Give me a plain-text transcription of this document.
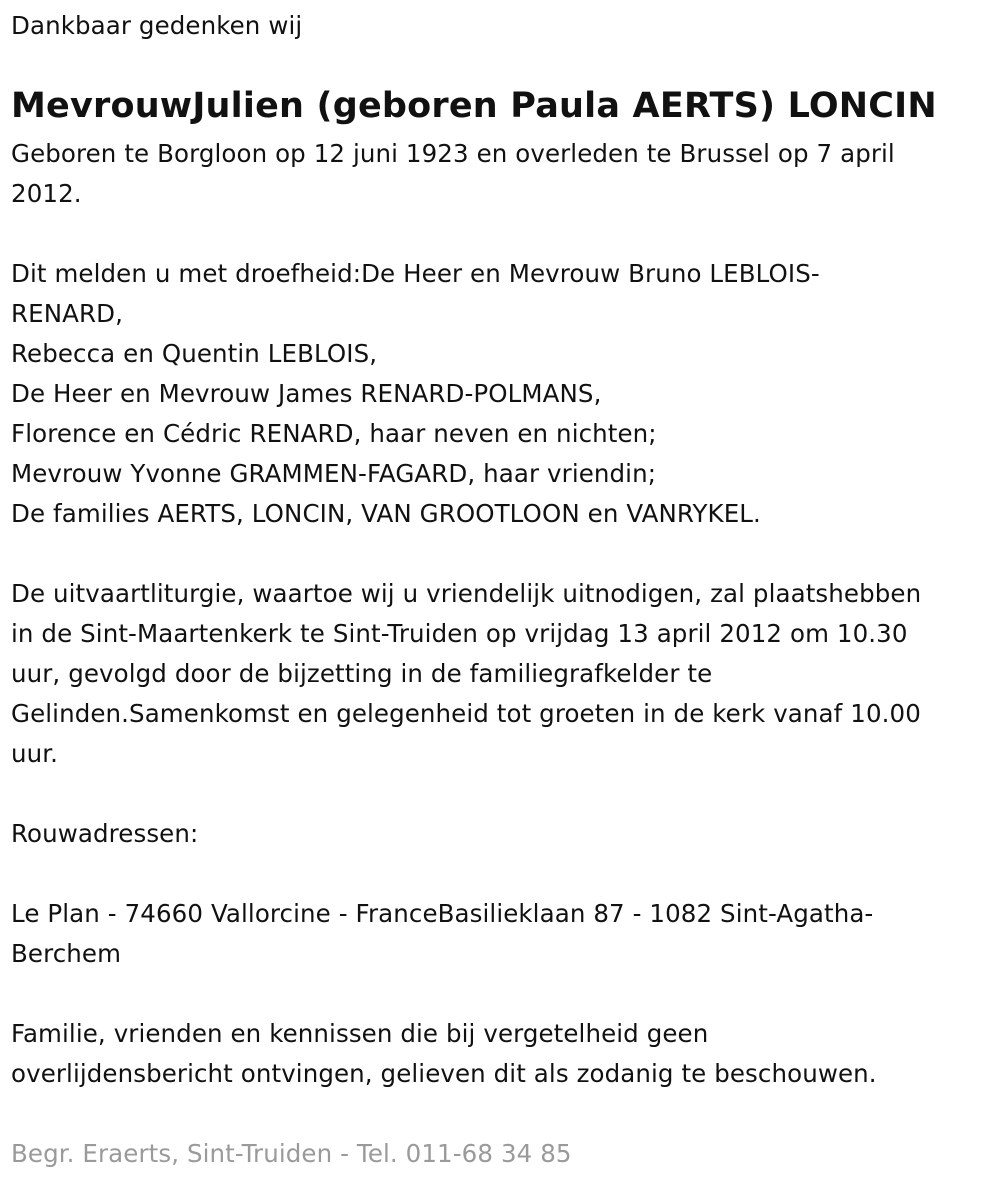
Dankbaar gedenken wij
MevrouwJulien (geboren Paula AERTS) LONCIN
Geboren te Borgloon op 12 juni 1923 en overleden te Brussel op 7 april
2012.
Dit melden u met droefheid:De Heer en Mevrouw Bruno LEBLOIS-
RENARD,
Rebecca en Quentin LEBLOIS,
De Heer en Mevrouw James RENARD-POLMANS,
Florence en Cédric RENARD, haar neven en nichten;
Mevrouw Yvonne GRAMMEN-FAGARD, haar vriendin;
De families AERTS, LONCIN, VAN GROOTLOON en VANRYKEL.
De uitvaartliturgie, waartoe wij u vriendelijk uitnodigen, zal plaatshebben
in de Sint-Maartenkerk te Sint-Truiden op vrijdag 13 april 2012 om 10.30
uur, gevolgd door de bijzetting in de familiegrafkelder te
Gelinden.Samenkomst en gelegenheid tot groeten in de kerk vanaf 10.00
uur.
Rouwadressen:
Le Plan - 74660 Vallorcine - FranceBasilieklaan 87 - 1082 Sint-Agatha-
Berchem
Familie, vrienden en kennissen die bij vergetelheid geen
overlijdensbericht ontvingen, gelieven dit als zodanig te beschouwen.
Begr. Eraerts, Sint-Truiden - Tel. 011-68 34 85
